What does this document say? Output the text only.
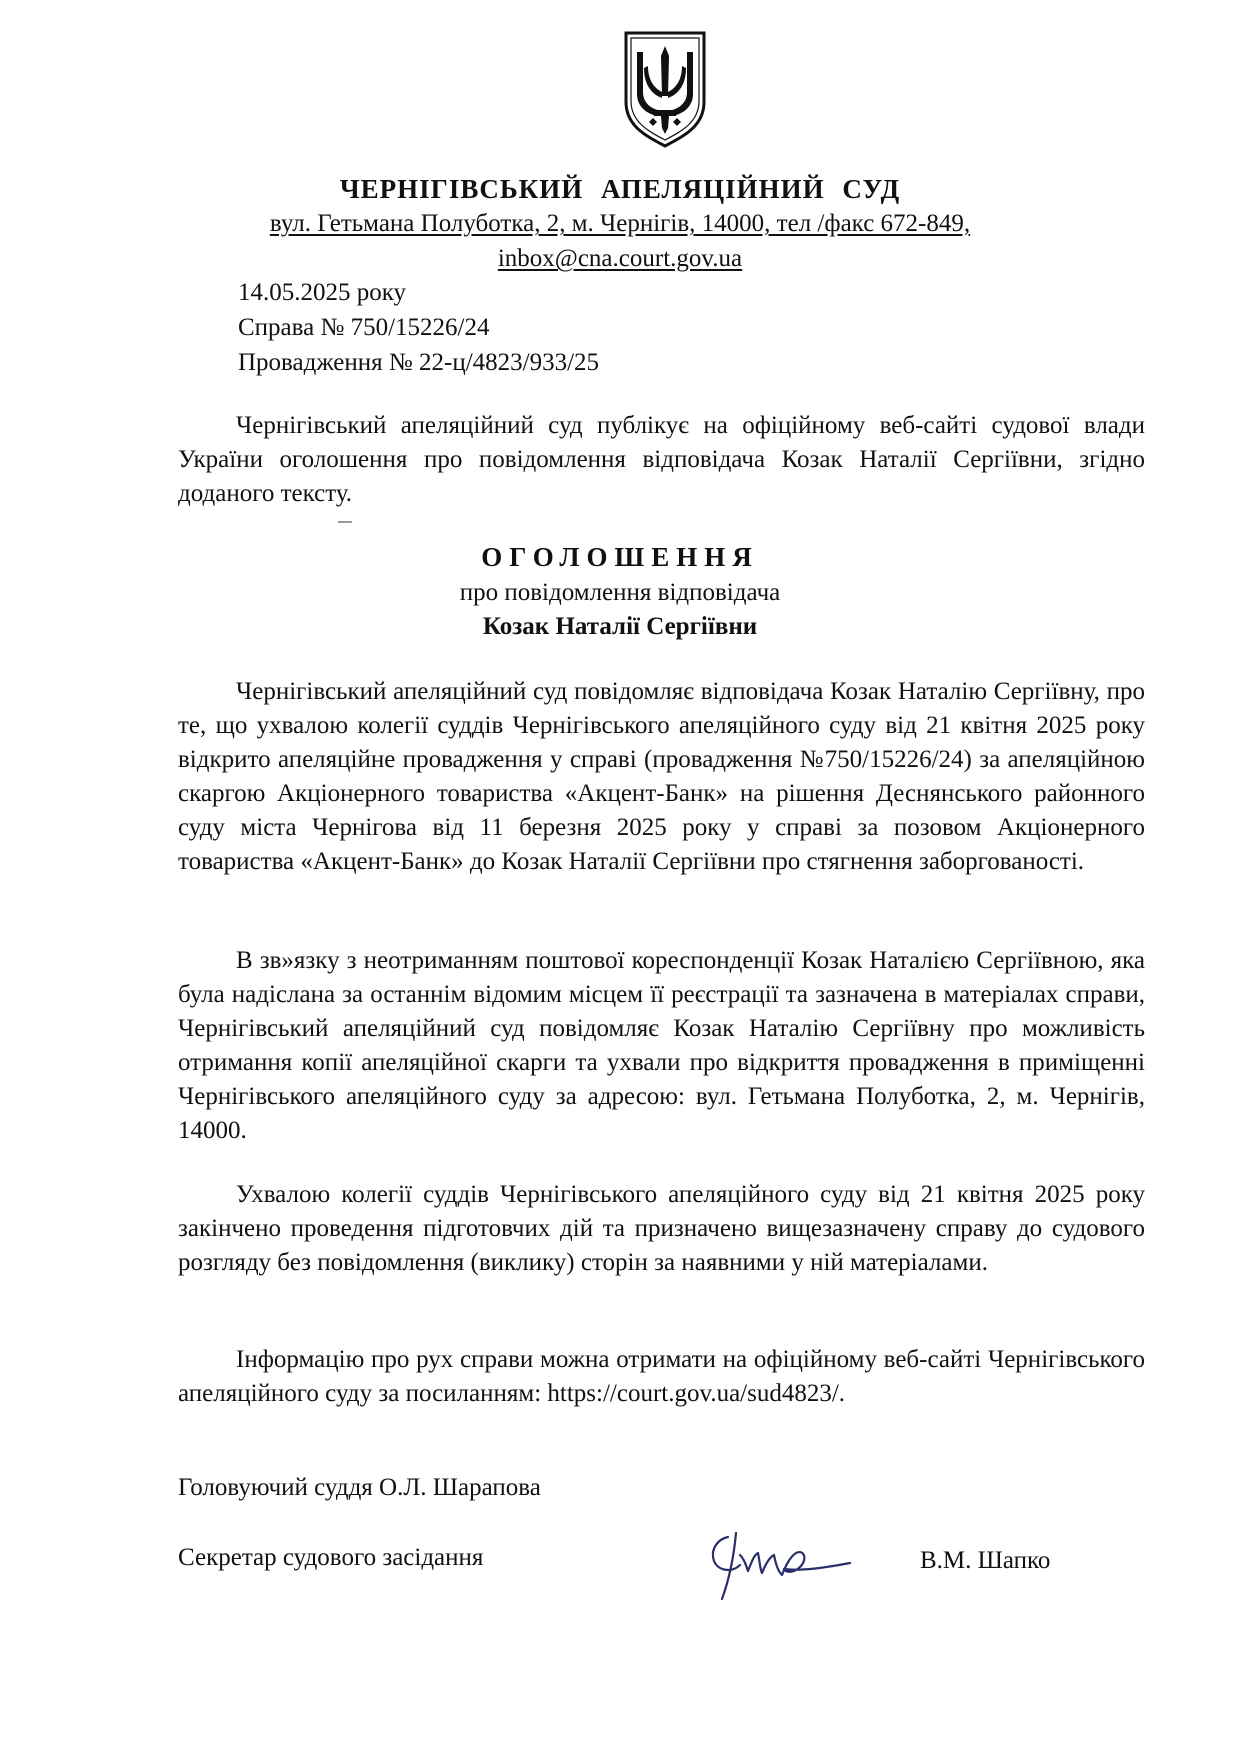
ЧЕРНІГІВСЬКИЙ АПЕЛЯЦІЙНИЙ СУД
вул. Гетьмана Полуботка, 2, м. Чернігів, 14000, тел /факс 672-849,
inbox@cna.court.gov.ua
14.05.2025 року
Справа № 750/15226/24
Провадження № 22-ц/4823/933/25
Чернігівський апеляційний суд публікує на офіційному веб-сайті судової влади України оголошення про повідомлення відповідача Козак Наталії Сергіївни, згідно доданого тексту.
ОГОЛОШЕННЯ
про повідомлення відповідача
Козак Наталії Сергіївни
Чернігівський апеляційний суд повідомляє відповідача Козак Наталію Сергіївну, про те, що ухвалою колегії суддів Чернігівського апеляційного суду від 21 квітня 2025 року відкрито апеляційне провадження у справі (провадження №750/15226/24) за апеляційною скаргою Акціонерного товариства «Акцент-Банк» на рішення Деснянського районного суду міста Чернігова від 11 березня 2025 року у справі за позовом Акціонерного товариства «Акцент-Банк» до Козак Наталії Сергіївни про стягнення заборгованості.
В зв»язку з неотриманням поштової кореспонденції Козак Наталією Сергіївною, яка була надіслана за останнім відомим місцем її реєстрації та зазначена в матеріалах справи, Чернігівський апеляційний суд повідомляє Козак Наталію Сергіївну про можливість отримання копії апеляційної скарги та ухвали про відкриття провадження в приміщенні Чернігівського апеляційного суду за адресою: вул. Гетьмана Полуботка, 2, м. Чернігів, 14000.
Ухвалою колегії суддів Чернігівського апеляційного суду від 21 квітня 2025 року закінчено проведення підготовчих дій та призначено вищезазначену справу до судового розгляду без повідомлення (виклику) сторін за наявними у ній матеріалами.
Інформацію про рух справи можна отримати на офіційному веб-сайті Чернігівського апеляційного суду за посиланням: https://court.gov.ua/sud4823/.
Головуючий суддя О.Л. Шарапова
Секретар судового засідання	В.М. Шапко
